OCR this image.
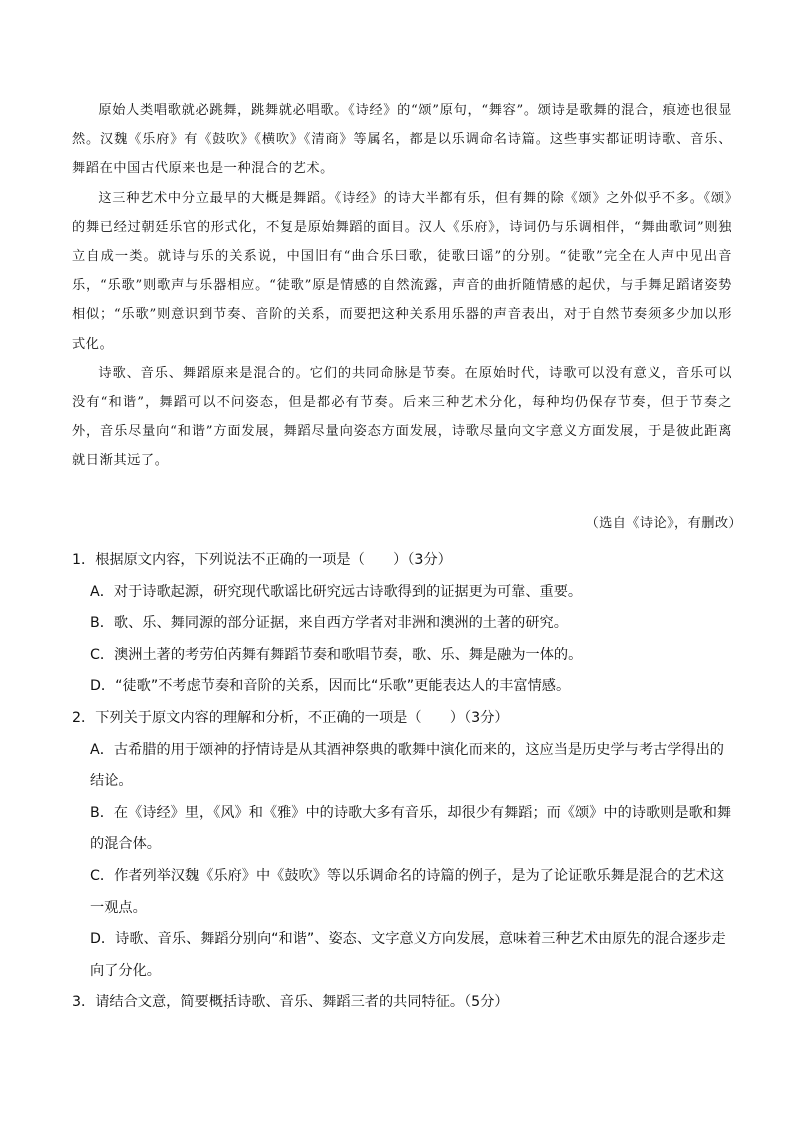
原始人类唱歌就必跳舞，跳舞就必唱歌。《诗经》的“颂”原句，“舞容”。颂诗是歌舞的混合，痕迹也很显然。汉魏《乐府》有《鼓吹》《横吹》《清商》等属名，都是以乐调命名诗篇。这些事实都证明诗歌、音乐、舞蹈在中国古代原来也是一种混合的艺术。

这三种艺术中分立最早的大概是舞蹈。《诗经》的诗大半都有乐，但有舞的除《颂》之外似乎不多。《颂》的舞已经过朝廷乐官的形式化，不复是原始舞蹈的面目。汉人《乐府》，诗词仍与乐调相伴，“舞曲歌词”则独立自成一类。就诗与乐的关系说，中国旧有“曲合乐曰歌，徒歌曰谣”的分别。“徒歌”完全在人声中见出音乐，“乐歌”则歌声与乐器相应。“徒歌”原是情感的自然流露，声音的曲折随情感的起伏，与手舞足蹈诸姿势相似；“乐歌”则意识到节奏、音阶的关系，而要把这种关系用乐器的声音表出，对于自然节奏须多少加以形式化。

诗歌、音乐、舞蹈原来是混合的。它们的共同命脉是节奏。在原始时代，诗歌可以没有意义，音乐可以没有“和谐”，舞蹈可以不问姿态，但是都必有节奏。后来三种艺术分化，每种均仍保存节奏，但于节奏之外，音乐尽量向“和谐”方面发展，舞蹈尽量向姿态方面发展，诗歌尽量向文字意义方面发展，于是彼此距离就日渐其远了。

（选自《诗论》，有删改）

1．根据原文内容，下列说法不正确的一项是（　　）（3分）

A．对于诗歌起源，研究现代歌谣比研究远古诗歌得到的证据更为可靠、重要。

B．歌、乐、舞同源的部分证据，来自西方学者对非洲和澳洲的土著的研究。

C．澳洲土著的考劳伯芮舞有舞蹈节奏和歌唱节奏，歌、乐、舞是融为一体的。

D．“徒歌”不考虑节奏和音阶的关系，因而比“乐歌”更能表达人的丰富情感。

2．下列关于原文内容的理解和分析，不正确的一项是（　　）（3分）

A．古希腊的用于颂神的抒情诗是从其酒神祭典的歌舞中演化而来的，这应当是历史学与考古学得出的结论。

B．在《诗经》里，《风》和《雅》中的诗歌大多有音乐，却很少有舞蹈；而《颂》中的诗歌则是歌和舞的混合体。

C．作者列举汉魏《乐府》中《鼓吹》等以乐调命名的诗篇的例子，是为了论证歌乐舞是混合的艺术这一观点。

D．诗歌、音乐、舞蹈分别向“和谐”、姿态、文字意义方向发展，意味着三种艺术由原先的混合逐步走向了分化。

3．请结合文意，简要概括诗歌、音乐、舞蹈三者的共同特征。（5分）
